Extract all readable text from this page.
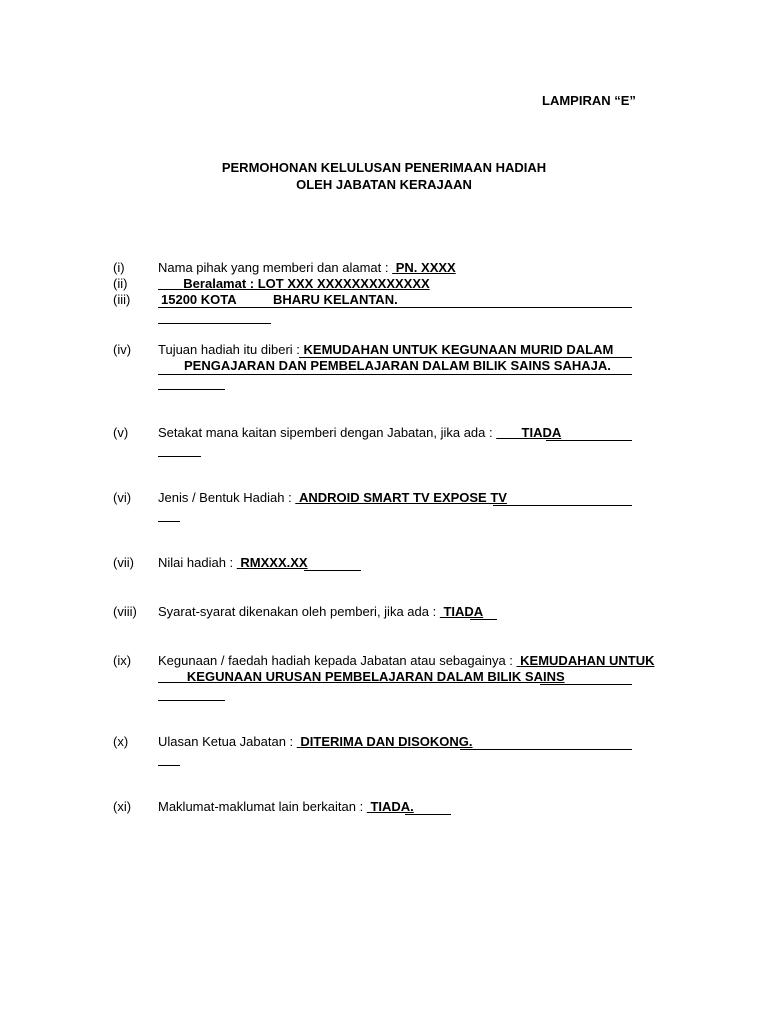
LAMPIRAN “E”
PERMOHONAN KELULUSAN PENERIMAAN HADIAH
OLEH JABATAN KERAJAAN
(i)	Nama pihak yang memberi dan alamat :  PN. XXXX
(ii)	Beralamat : LOT XXX XXXXXXXXXXXXX
(iii)	15200 KOTA	BHARU KELANTAN.
(iv)	Tujuan hadiah itu diberi : KEMUDAHAN UNTUK KEGUNAAN MURID DALAM
PENGAJARAN DAN PEMBELAJARAN DALAM BILIK SAINS SAHAJA.
(v)	Setakat mana kaitan sipemberi dengan Jabatan, jika ada :        TIADA
(vi)	Jenis / Bentuk Hadiah :  ANDROID SMART TV EXPOSE TV
(vii)	Nilai hadiah :  RMXXX.XX
(viii)	Syarat-syarat dikenakan oleh pemberi, jika ada :  TIADA
(ix)	Kegunaan / faedah hadiah kepada Jabatan atau sebagainya :  KEMUDAHAN UNTUK
KEGUNAAN URUSAN PEMBELAJARAN DALAM BILIK SAINS
(x)	Ulasan Ketua Jabatan :  DITERIMA DAN DISOKONG.
(xi)	Maklumat-maklumat lain berkaitan :  TIADA.
